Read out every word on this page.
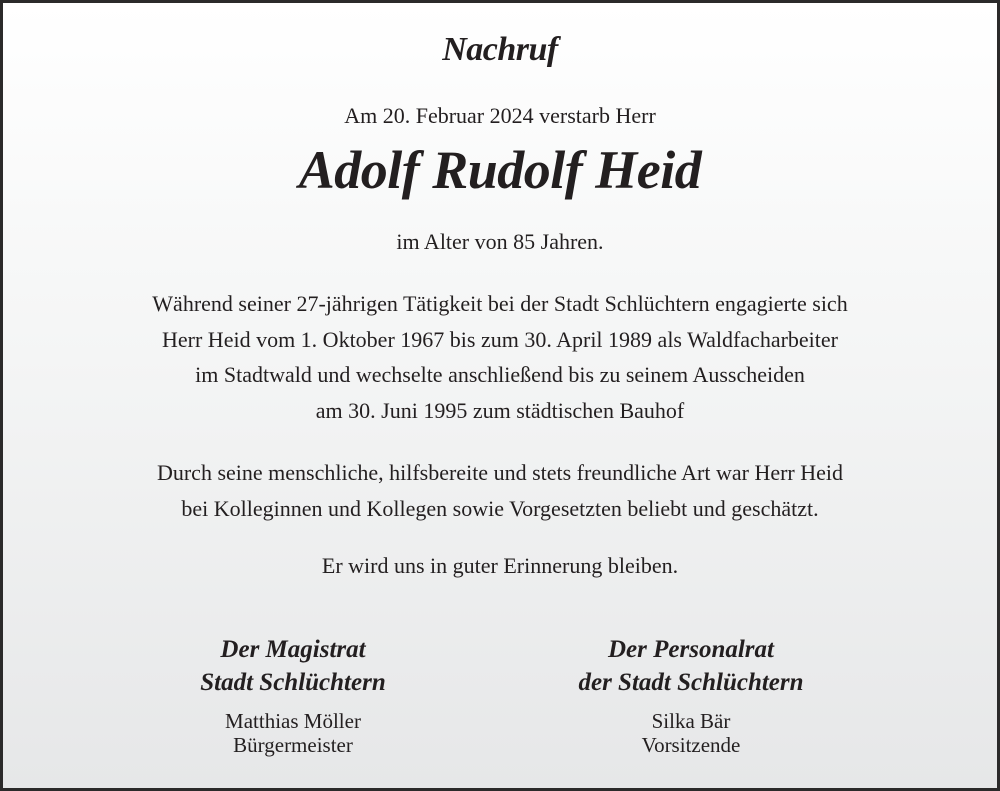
Nachruf
Am 20. Februar 2024 verstarb Herr
Adolf Rudolf Heid
im Alter von 85 Jahren.
Während seiner 27-jährigen Tätigkeit bei der Stadt Schlüchtern engagierte sich
Herr Heid vom 1. Oktober 1967 bis zum 30. April 1989 als Waldfacharbeiter
im Stadtwald und wechselte anschließend bis zu seinem Ausscheiden
am 30. Juni 1995 zum städtischen Bauhof
Durch seine menschliche, hilfsbereite und stets freundliche Art war Herr Heid
bei Kolleginnen und Kollegen sowie Vorgesetzten beliebt und geschätzt.
Er wird uns in guter Erinnerung bleiben.
Der Magistrat
Stadt Schlüchtern
Matthias Möller
Bürgermeister
Der Personalrat
der Stadt Schlüchtern
Silka Bär
Vorsitzende
